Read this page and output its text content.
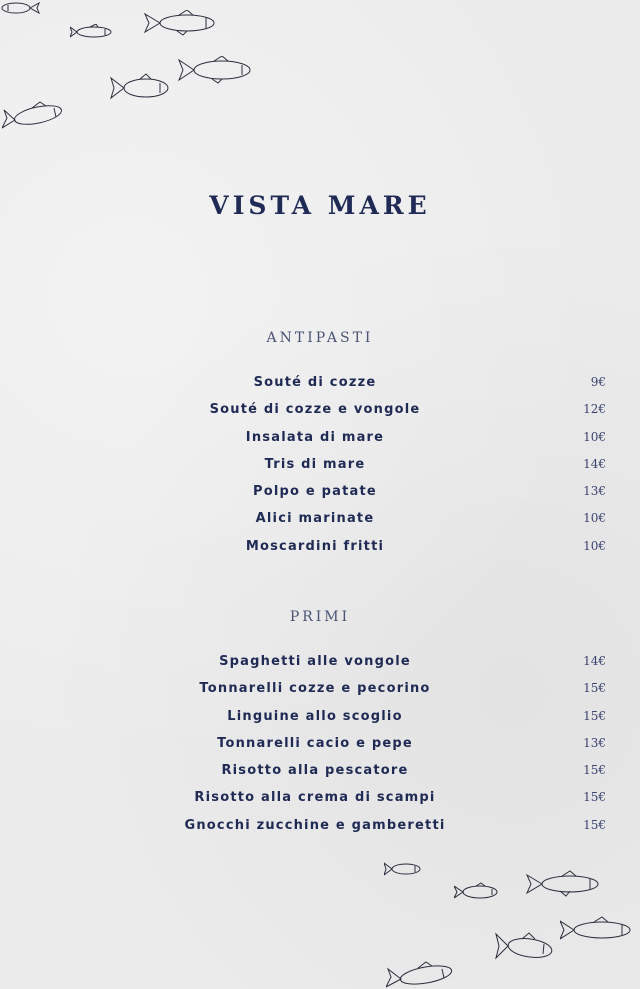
VISTA MARE
ANTIPASTI
Souté di cozze	9€
Souté di cozze e vongole	12€
Insalata di mare	10€
Tris di mare	14€
Polpo e patate	13€
Alici marinate	10€
Moscardini fritti	10€
PRIMI
Spaghetti alle vongole	14€
Tonnarelli cozze e pecorino	15€
Linguine allo scoglio	15€
Tonnarelli cacio e pepe	13€
Risotto alla pescatore	15€
Risotto alla crema di scampi	15€
Gnocchi zucchine e gamberetti	15€
